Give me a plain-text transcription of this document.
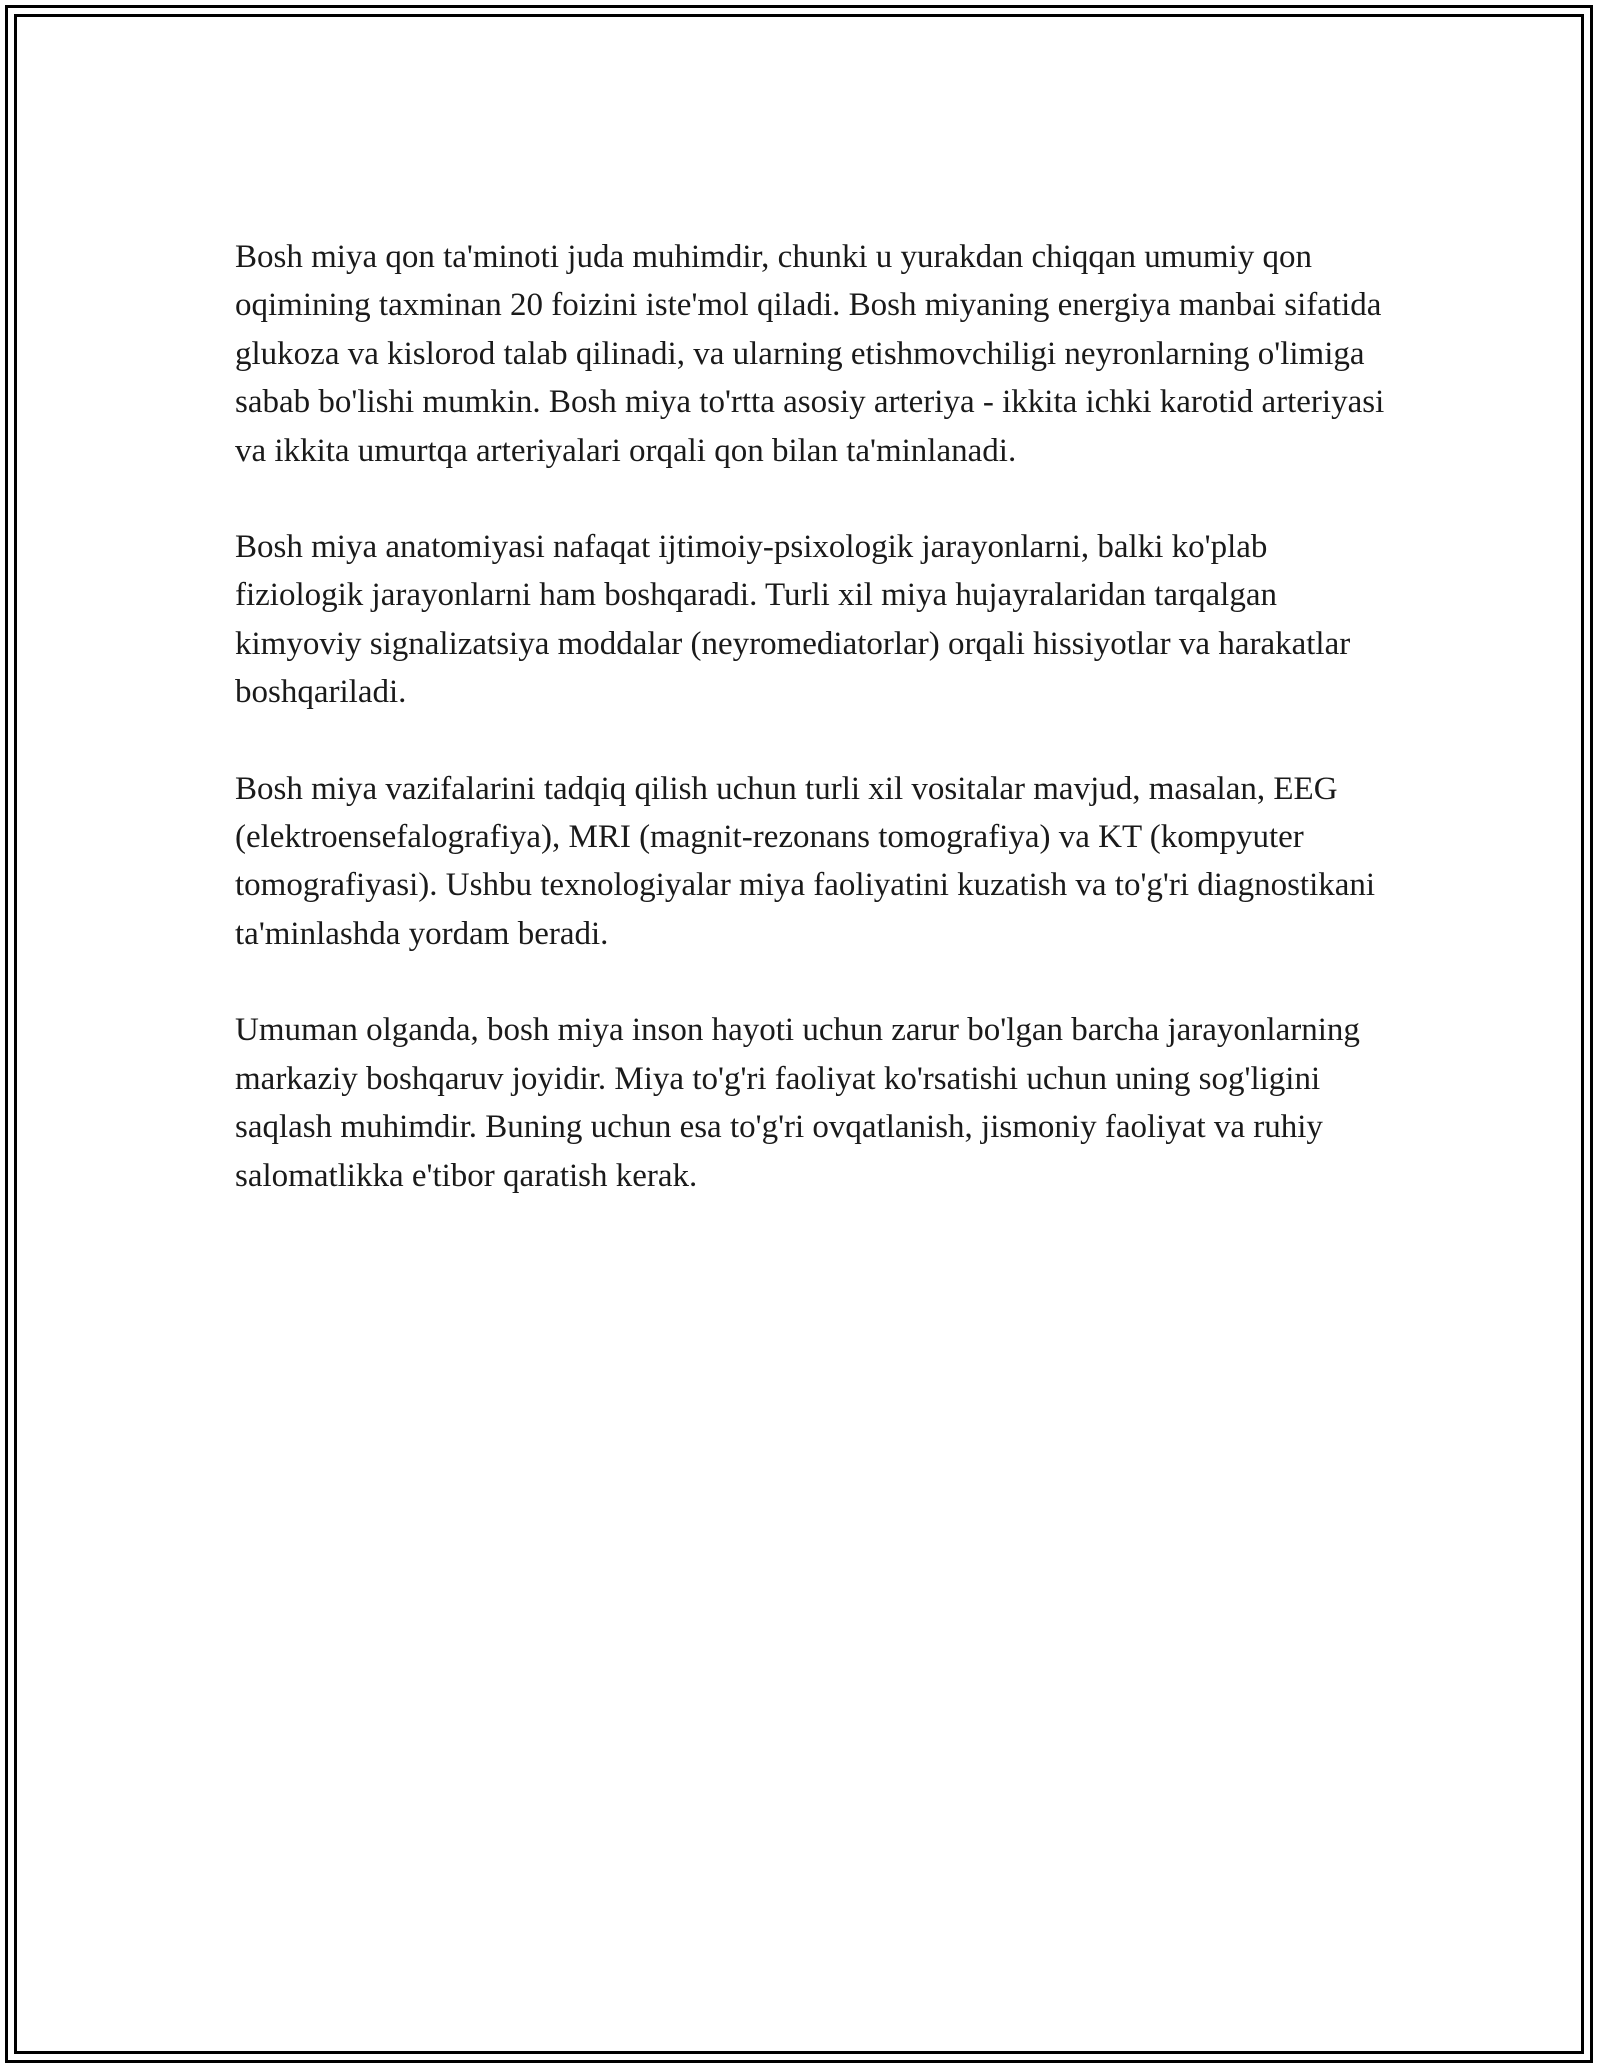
Bosh miya qon ta'minoti juda muhimdir, chunki u yurakdan chiqqan umumiy qon oqimining taxminan 20 foizini iste'mol qiladi. Bosh miyaning energiya manbai sifatida glukoza va kislorod talab qilinadi, va ularning etishmovchiligi neyronlarning o'limiga sabab bo'lishi mumkin. Bosh miya to'rtta asosiy arteriya - ikkita ichki karotid arteriyasi va ikkita umurtqa arteriyalari orqali qon bilan ta'minlanadi.

Bosh miya anatomiyasi nafaqat ijtimoiy-psixologik jarayonlarni, balki ko'plab fiziologik jarayonlarni ham boshqaradi. Turli xil miya hujayralaridan tarqalgan kimyoviy signalizatsiya moddalar (neyromediatorlar) orqali hissiyotlar va harakatlar boshqariladi.

Bosh miya vazifalarini tadqiq qilish uchun turli xil vositalar mavjud, masalan, EEG (elektroensefalografiya), MRI (magnit-rezonans tomografiya) va KT (kompyuter tomografiyasi). Ushbu texnologiyalar miya faoliyatini kuzatish va to'g'ri diagnostikani ta'minlashda yordam beradi.

Umuman olganda, bosh miya inson hayoti uchun zarur bo'lgan barcha jarayonlarning markaziy boshqaruv joyidir. Miya to'g'ri faoliyat ko'rsatishi uchun uning sog'ligini saqlash muhimdir. Buning uchun esa to'g'ri ovqatlanish, jismoniy faoliyat va ruhiy salomatlikka e'tibor qaratish kerak.
